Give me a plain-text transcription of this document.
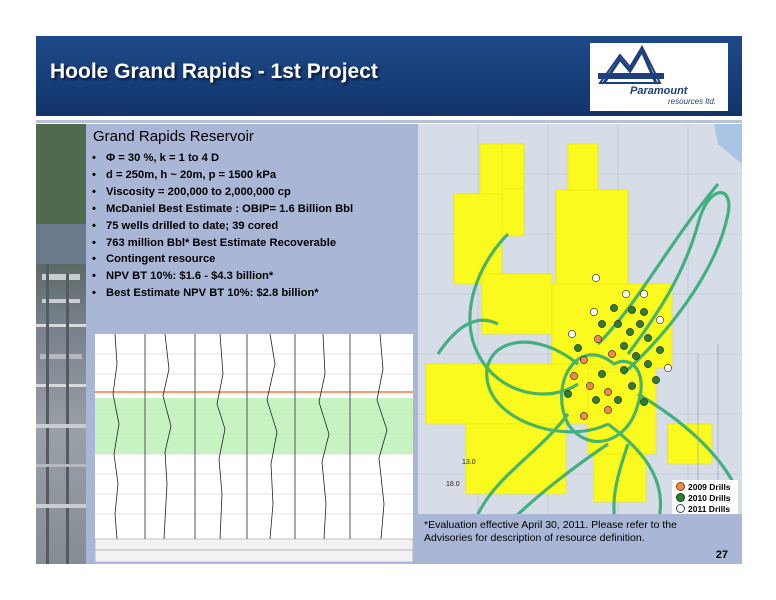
Hoole Grand Rapids - 1st Project
Paramount
resources ltd.
Grand Rapids Reservoir
• Φ = 30 %, k = 1 to 4 D
• d = 250m, h ~ 20m, p = 1500 kPa
• Viscosity = 200,000 to 2,000,000 cp
• McDaniel Best Estimate : OBIP= 1.6 Billion Bbl
• 75 wells drilled to date; 39 cored
• 763 million Bbl* Best Estimate Recoverable
• Contingent resource
• NPV BT 10%: $1.6 - $4.3 billion*
• Best Estimate NPV BT 10%: $2.8 billion*
13.0
18.0	2009 Drills
2010 Drills
2011 Drills
*Evaluation effective April 30, 2011. Please refer to the Advisories for description of resource definition.
27
